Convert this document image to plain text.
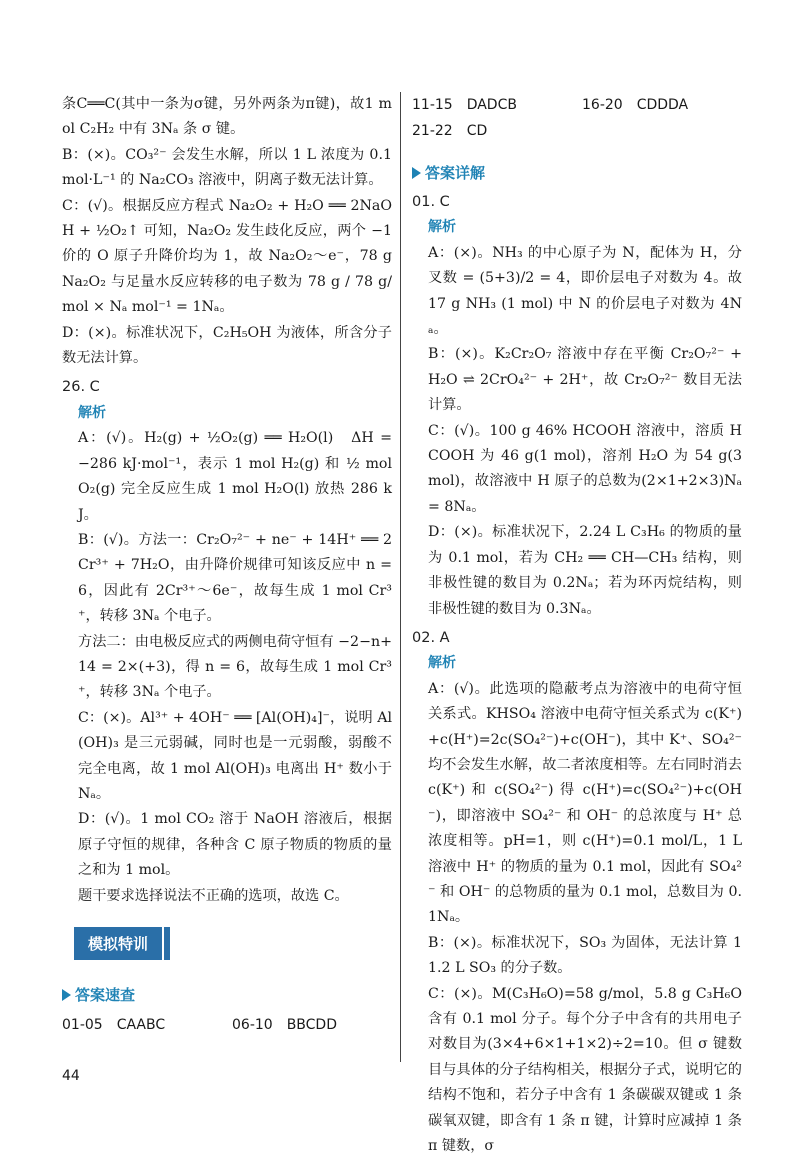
条C══C(其中一条为σ键，另外两条为π键)，故1 mol C₂H₂ 中有 3Nₐ 条 σ 键。

B：(×)。CO₃²⁻ 会发生水解，所以 1 L 浓度为 0.1 mol·L⁻¹ 的 Na₂CO₃ 溶液中，阴离子数无法计算。

C：(√)。根据反应方程式 Na₂O₂ + H₂O ══ 2NaOH + ½O₂↑ 可知，Na₂O₂ 发生歧化反应，两个 −1 价的 O 原子升降价均为 1，故 Na₂O₂～e⁻，78 g Na₂O₂ 与足量水反应转移的电子数为 78 g / 78 g/mol × Nₐ mol⁻¹ = 1Nₐ。

D：(×)。标准状况下，C₂H₅OH 为液体，所含分子数无法计算。

26. C

解析

A：(√)。H₂(g) + ½O₂(g) ══ H₂O(l)　ΔH = −286 kJ·mol⁻¹，表示 1 mol H₂(g) 和 ½ mol O₂(g) 完全反应生成 1 mol H₂O(l) 放热 286 kJ。

B：(√)。方法一：Cr₂O₇²⁻ + ne⁻ + 14H⁺ ══ 2Cr³⁺ + 7H₂O，由升降价规律可知该反应中 n = 6，因此有 2Cr³⁺～6e⁻，故每生成 1 mol Cr³⁺，转移 3Nₐ 个电子。

方法二：由电极反应式的两侧电荷守恒有 −2−n+14 = 2×(+3)，得 n = 6，故每生成 1 mol Cr³⁺，转移 3Nₐ 个电子。

C：(×)。Al³⁺ + 4OH⁻ ══ [Al(OH)₄]⁻，说明 Al(OH)₃ 是三元弱碱，同时也是一元弱酸，弱酸不完全电离，故 1 mol Al(OH)₃ 电离出 H⁺ 数小于 Nₐ。

D：(√)。1 mol CO₂ 溶于 NaOH 溶液后，根据原子守恒的规律，各种含 C 原子物质的物质的量之和为 1 mol。

题干要求选择说法不正确的选项，故选 C。

模拟特训

答案速查

01-05 CAABC	06-10 BBCDD
11-15 DADCB	16-20 CDDDA
21-22 CD

答案详解

01. C

解析

A：(×)。NH₃ 的中心原子为 N，配体为 H，分叉数 = (5+3)/2 = 4，即价层电子对数为 4。故 17 g NH₃ (1 mol) 中 N 的价层电子对数为 4Nₐ。

B：(×)。K₂Cr₂O₇ 溶液中存在平衡 Cr₂O₇²⁻ + H₂O ⇌ 2CrO₄²⁻ + 2H⁺，故 Cr₂O₇²⁻ 数目无法计算。

C：(√)。100 g 46% HCOOH 溶液中，溶质 HCOOH 为 46 g(1 mol)，溶剂 H₂O 为 54 g(3 mol)，故溶液中 H 原子的总数为(2×1+2×3)Nₐ = 8Nₐ。

D：(×)。标准状况下，2.24 L C₃H₆ 的物质的量为 0.1 mol，若为 CH₂ ══ CH—CH₃ 结构，则非极性键的数目为 0.2Nₐ；若为环丙烷结构，则非极性键的数目为 0.3Nₐ。

02. A

解析

A：(√)。此选项的隐蔽考点为溶液中的电荷守恒关系式。KHSO₄ 溶液中电荷守恒关系式为 c(K⁺)+c(H⁺)=2c(SO₄²⁻)+c(OH⁻)，其中 K⁺、SO₄²⁻ 均不会发生水解，故二者浓度相等。左右同时消去 c(K⁺) 和 c(SO₄²⁻) 得 c(H⁺)=c(SO₄²⁻)+c(OH⁻)，即溶液中 SO₄²⁻ 和 OH⁻ 的总浓度与 H⁺ 总浓度相等。pH=1，则 c(H⁺)=0.1 mol/L，1 L 溶液中 H⁺ 的物质的量为 0.1 mol，因此有 SO₄²⁻ 和 OH⁻ 的总物质的量为 0.1 mol，总数目为 0.1Nₐ。

B：(×)。标准状况下，SO₃ 为固体，无法计算 11.2 L SO₃ 的分子数。

C：(×)。M(C₃H₆O)=58 g/mol，5.8 g C₃H₆O 含有 0.1 mol 分子。每个分子中含有的共用电子对数目为(3×4+6×1+1×2)÷2=10。但 σ 键数目与具体的分子结构相关，根据分子式，说明它的结构不饱和，若分子中含有 1 条碳碳双键或 1 条碳氧双键，即含有 1 条 π 键，计算时应减掉 1 条 π 键数，σ

44
